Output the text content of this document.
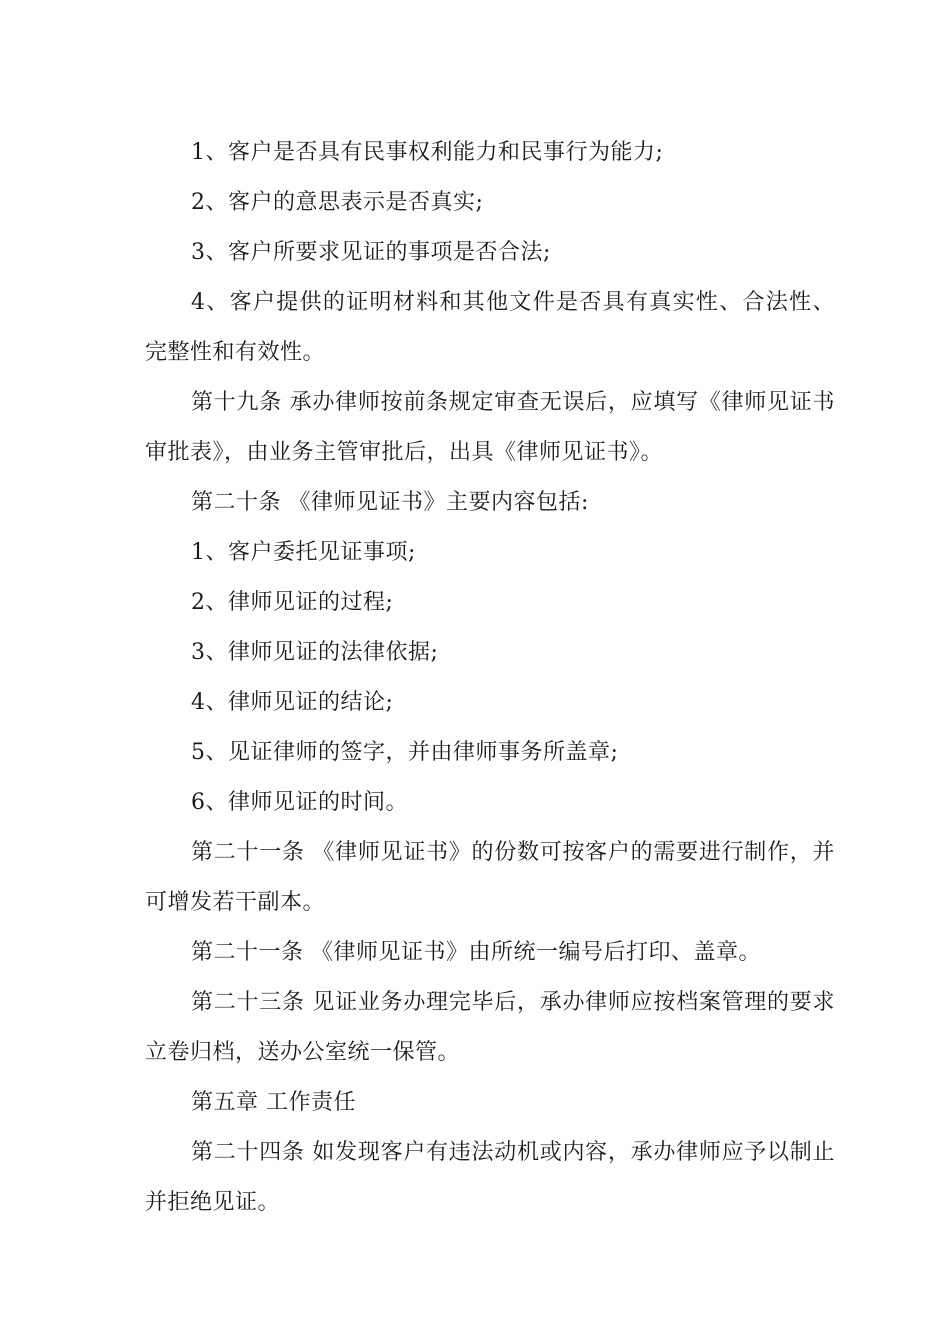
1、客户是否具有民事权利能力和民事行为能力;

2、客户的意思表示是否真实;

3、客户所要求见证的事项是否合法;

4、客户提供的证明材料和其他文件是否具有真实性、合法性、完整性和有效性。

第十九条 承办律师按前条规定审查无误后，应填写《律师见证书审批表》，由业务主管审批后，出具《律师见证书》。

第二十条 《律师见证书》主要内容包括:

1、客户委托见证事项;

2、律师见证的过程;

3、律师见证的法律依据;

4、律师见证的结论;

5、见证律师的签字，并由律师事务所盖章;

6、律师见证的时间。

第二十一条 《律师见证书》的份数可按客户的需要进行制作，并可增发若干副本。

第二十一条 《律师见证书》由所统一编号后打印、盖章。

第二十三条 见证业务办理完毕后，承办律师应按档案管理的要求立卷归档，送办公室统一保管。

第五章 工作责任

第二十四条 如发现客户有违法动机或内容，承办律师应予以制止并拒绝见证。
